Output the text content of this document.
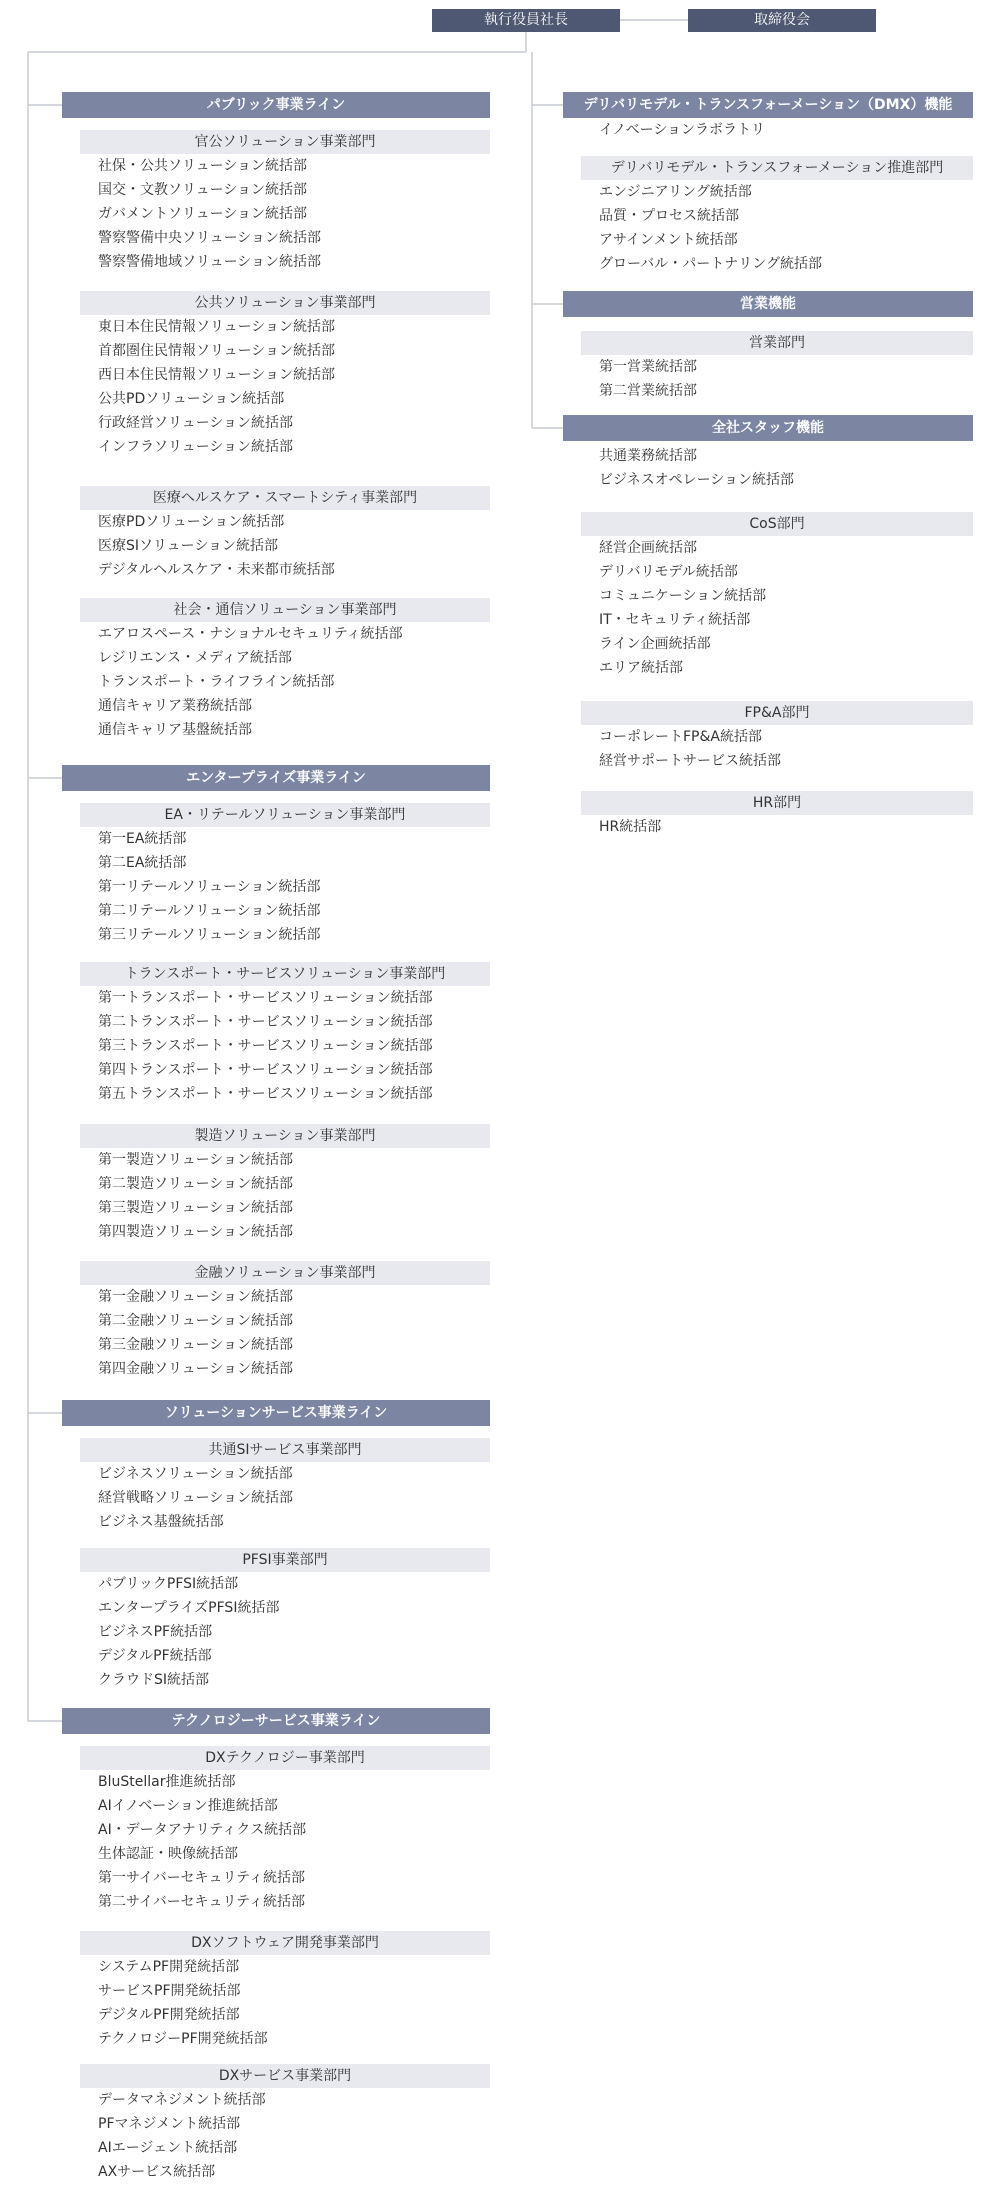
執行役員社長	取締役会
パブリック事業ライン
官公ソリューション事業部門
社保・公共ソリューション統括部
国交・文教ソリューション統括部
ガバメントソリューション統括部
警察警備中央ソリューション統括部
警察警備地域ソリューション統括部
公共ソリューション事業部門
東日本住民情報ソリューション統括部
首都圏住民情報ソリューション統括部
西日本住民情報ソリューション統括部
公共PDソリューション統括部
行政経営ソリューション統括部
インフラソリューション統括部
医療ヘルスケア・スマートシティ事業部門
医療PDソリューション統括部
医療SIソリューション統括部
デジタルヘルスケア・未来都市統括部
社会・通信ソリューション事業部門
エアロスペース・ナショナルセキュリティ統括部
レジリエンス・メディア統括部
トランスポート・ライフライン統括部
通信キャリア業務統括部
通信キャリア基盤統括部
エンタープライズ事業ライン
EA・リテールソリューション事業部門
第一EA統括部
第二EA統括部
第一リテールソリューション統括部
第二リテールソリューション統括部
第三リテールソリューション統括部
トランスポート・サービスソリューション事業部門
第一トランスポート・サービスソリューション統括部
第二トランスポート・サービスソリューション統括部
第三トランスポート・サービスソリューション統括部
第四トランスポート・サービスソリューション統括部
第五トランスポート・サービスソリューション統括部
製造ソリューション事業部門
第一製造ソリューション統括部
第二製造ソリューション統括部
第三製造ソリューション統括部
第四製造ソリューション統括部
金融ソリューション事業部門
第一金融ソリューション統括部
第二金融ソリューション統括部
第三金融ソリューション統括部
第四金融ソリューション統括部
ソリューションサービス事業ライン
共通SIサービス事業部門
ビジネスソリューション統括部
経営戦略ソリューション統括部
ビジネス基盤統括部
PFSI事業部門
パブリックPFSI統括部
エンタープライズPFSI統括部
ビジネスPF統括部
デジタルPF統括部
クラウドSI統括部
テクノロジーサービス事業ライン
DXテクノロジー事業部門
BluStellar推進統括部
AIイノベーション推進統括部
AI・データアナリティクス統括部
生体認証・映像統括部
第一サイバーセキュリティ統括部
第二サイバーセキュリティ統括部
DXソフトウェア開発事業部門
システムPF開発統括部
サービスPF開発統括部
デジタルPF開発統括部
テクノロジーPF開発統括部
DXサービス事業部門
データマネジメント統括部
PFマネジメント統括部
AIエージェント統括部
AXサービス統括部
デリバリモデル・トランスフォーメーション（DMX）機能
イノベーションラボラトリ
デリバリモデル・トランスフォーメーション推進部門
エンジニアリング統括部
品質・プロセス統括部
アサインメント統括部
グローバル・パートナリング統括部
営業機能
営業部門
第一営業統括部
第二営業統括部
全社スタッフ機能
共通業務統括部
ビジネスオペレーション統括部
CoS部門
経営企画統括部
デリバリモデル統括部
コミュニケーション統括部
IT・セキュリティ統括部
ライン企画統括部
エリア統括部
FP&A部門
コーポレートFP&A統括部
経営サポートサービス統括部
HR部門
HR統括部
